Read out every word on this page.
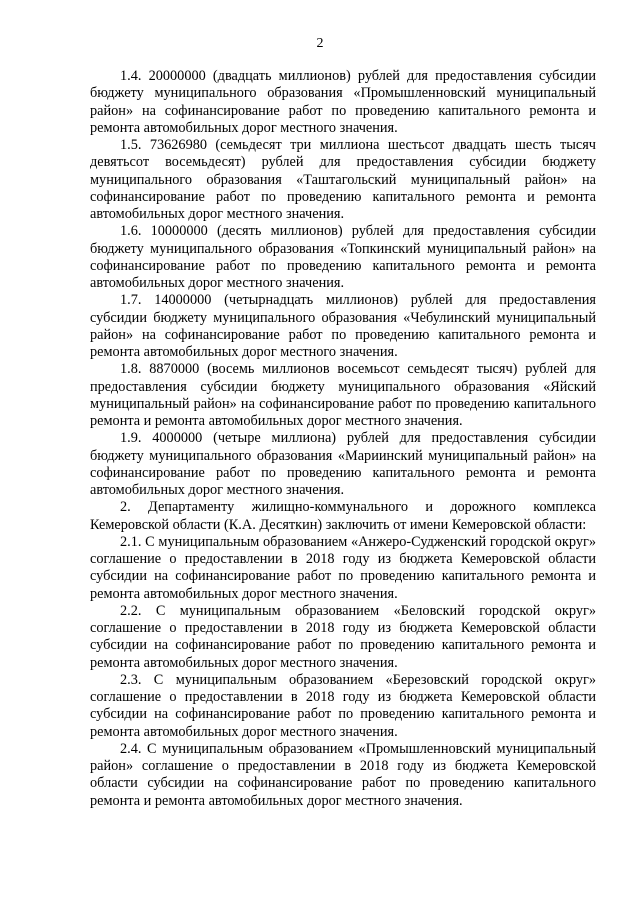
2

1.4. 20000000 (двадцать миллионов) рублей для предоставления субсидии бюджету муниципального образования «Промышленновский муниципальный район» на софинансирование работ по проведению капитального ремонта и ремонта автомобильных дорог местного значения.

1.5. 73626980 (семьдесят три миллиона шестьсот двадцать шесть тысяч девятьсот восемьдесят) рублей для предоставления субсидии бюджету муниципального образования «Таштагольский муниципальный район» на софинансирование работ по проведению капитального ремонта и ремонта автомобильных дорог местного значения.

1.6. 10000000 (десять миллионов) рублей для предоставления субсидии бюджету муниципального образования «Топкинский муниципальный район» на софинансирование работ по проведению капитального ремонта и ремонта автомобильных дорог местного значения.

1.7. 14000000 (четырнадцать миллионов) рублей для предоставления субсидии бюджету муниципального образования «Чебулинский муниципальный район» на софинансирование работ по проведению капитального ремонта и ремонта автомобильных дорог местного значения.

1.8. 8870000 (восемь миллионов восемьсот семьдесят тысяч) рублей для предоставления субсидии бюджету муниципального образования «Яйский муниципальный район» на софинансирование работ по проведению капитального ремонта и ремонта автомобильных дорог местного значения.

1.9. 4000000 (четыре миллиона) рублей для предоставления субсидии бюджету муниципального образования «Мариинский муниципальный район» на софинансирование работ по проведению капитального ремонта и ремонта автомобильных дорог местного значения.

2. Департаменту жилищно-коммунального и дорожного комплекса Кемеровской области (К.А. Десяткин) заключить от имени Кемеровской области:

2.1. С муниципальным образованием «Анжеро-Судженский городской округ» соглашение о предоставлении в 2018 году из бюджета Кемеровской области субсидии на софинансирование работ по проведению капитального ремонта и ремонта автомобильных дорог местного значения.

2.2. С муниципальным образованием «Беловский городской округ» соглашение о предоставлении в 2018 году из бюджета Кемеровской области субсидии на софинансирование работ по проведению капитального ремонта и ремонта автомобильных дорог местного значения.

2.3. С муниципальным образованием «Березовский городской округ» соглашение о предоставлении в 2018 году из бюджета Кемеровской области субсидии на софинансирование работ по проведению капитального ремонта и ремонта автомобильных дорог местного значения.

2.4. С муниципальным образованием «Промышленновский муниципальный район» соглашение о предоставлении в 2018 году из бюджета Кемеровской области субсидии на софинансирование работ по проведению капитального ремонта и ремонта автомобильных дорог местного значения.
